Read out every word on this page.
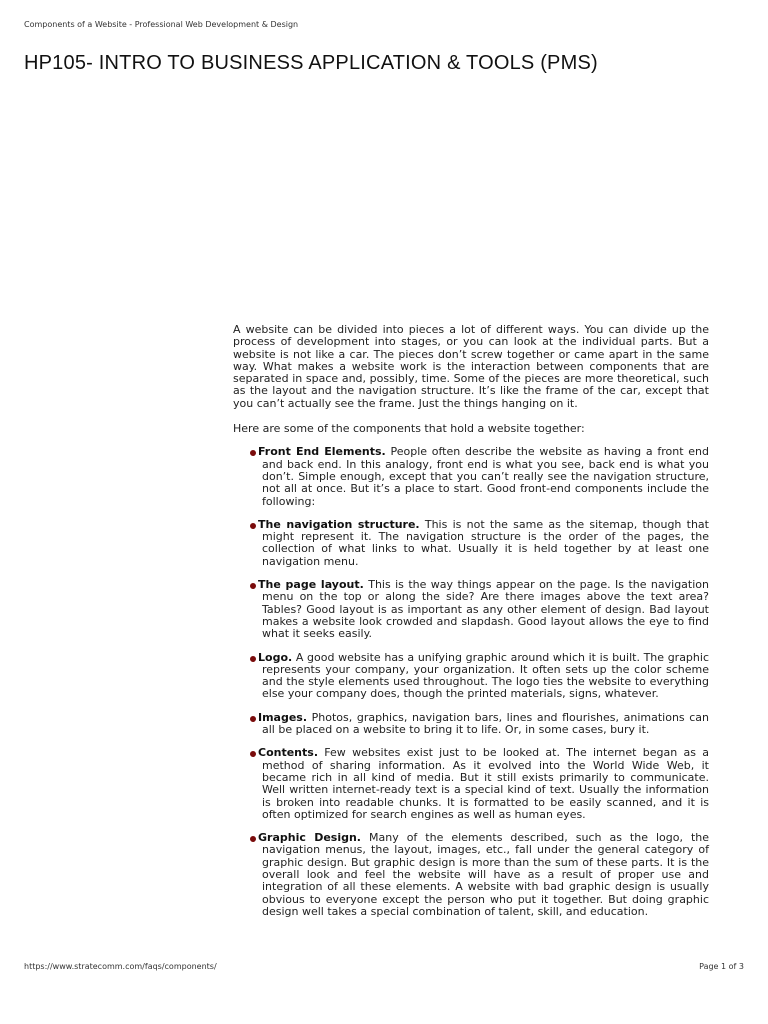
Components of a Website - Professional Web Development & Design
HP105- INTRO TO BUSINESS APPLICATION & TOOLS (PMS)

A website can be divided into pieces a lot of different ways. You can divide up the process of development into stages, or you can look at the individual parts. But a website is not like a car. The pieces don’t screw together or came apart in the same way. What makes a website work is the interaction between components that are separated in space and, possibly, time. Some of the pieces are more theoretical, such as the layout and the navigation structure. It’s like the frame of the car, except that you can’t actually see the frame. Just the things hanging on it.

Here are some of the components that hold a website together:

Front End Elements. People often describe the website as having a front end and back end. In this analogy, front end is what you see, back end is what you don’t. Simple enough, except that you can’t really see the navigation structure, not all at once. But it’s a place to start. Good front-end components include the following:
The navigation structure. This is not the same as the sitemap, though that might represent it. The navigation structure is the order of the pages, the collection of what links to what. Usually it is held together by at least one navigation menu.
The page layout. This is the way things appear on the page. Is the navigation menu on the top or along the side? Are there images above the text area? Tables? Good layout is as important as any other element of design. Bad layout makes a website look crowded and slapdash. Good layout allows the eye to find what it seeks easily.
Logo. A good website has a unifying graphic around which it is built. The graphic represents your company, your organization. It often sets up the color scheme and the style elements used throughout. The logo ties the website to everything else your company does, though the printed materials, signs, whatever.
Images. Photos, graphics, navigation bars, lines and flourishes, animations can all be placed on a website to bring it to life. Or, in some cases, bury it.
Contents. Few websites exist just to be looked at. The internet began as a method of sharing information. As it evolved into the World Wide Web, it became rich in all kind of media. But it still exists primarily to communicate. Well written internet-ready text is a special kind of text. Usually the information is broken into readable chunks. It is formatted to be easily scanned, and it is often optimized for search engines as well as human eyes.
Graphic Design. Many of the elements described, such as the logo, the navigation menus, the layout, images, etc., fall under the general category of graphic design. But graphic design is more than the sum of these parts. It is the overall look and feel the website will have as a result of proper use and integration of all these elements. A website with bad graphic design is usually obvious to everyone except the person who put it together. But doing graphic design well takes a special combination of talent, skill, and education.
https://www.stratecomm.com/faqs/components/	Page 1 of 3
